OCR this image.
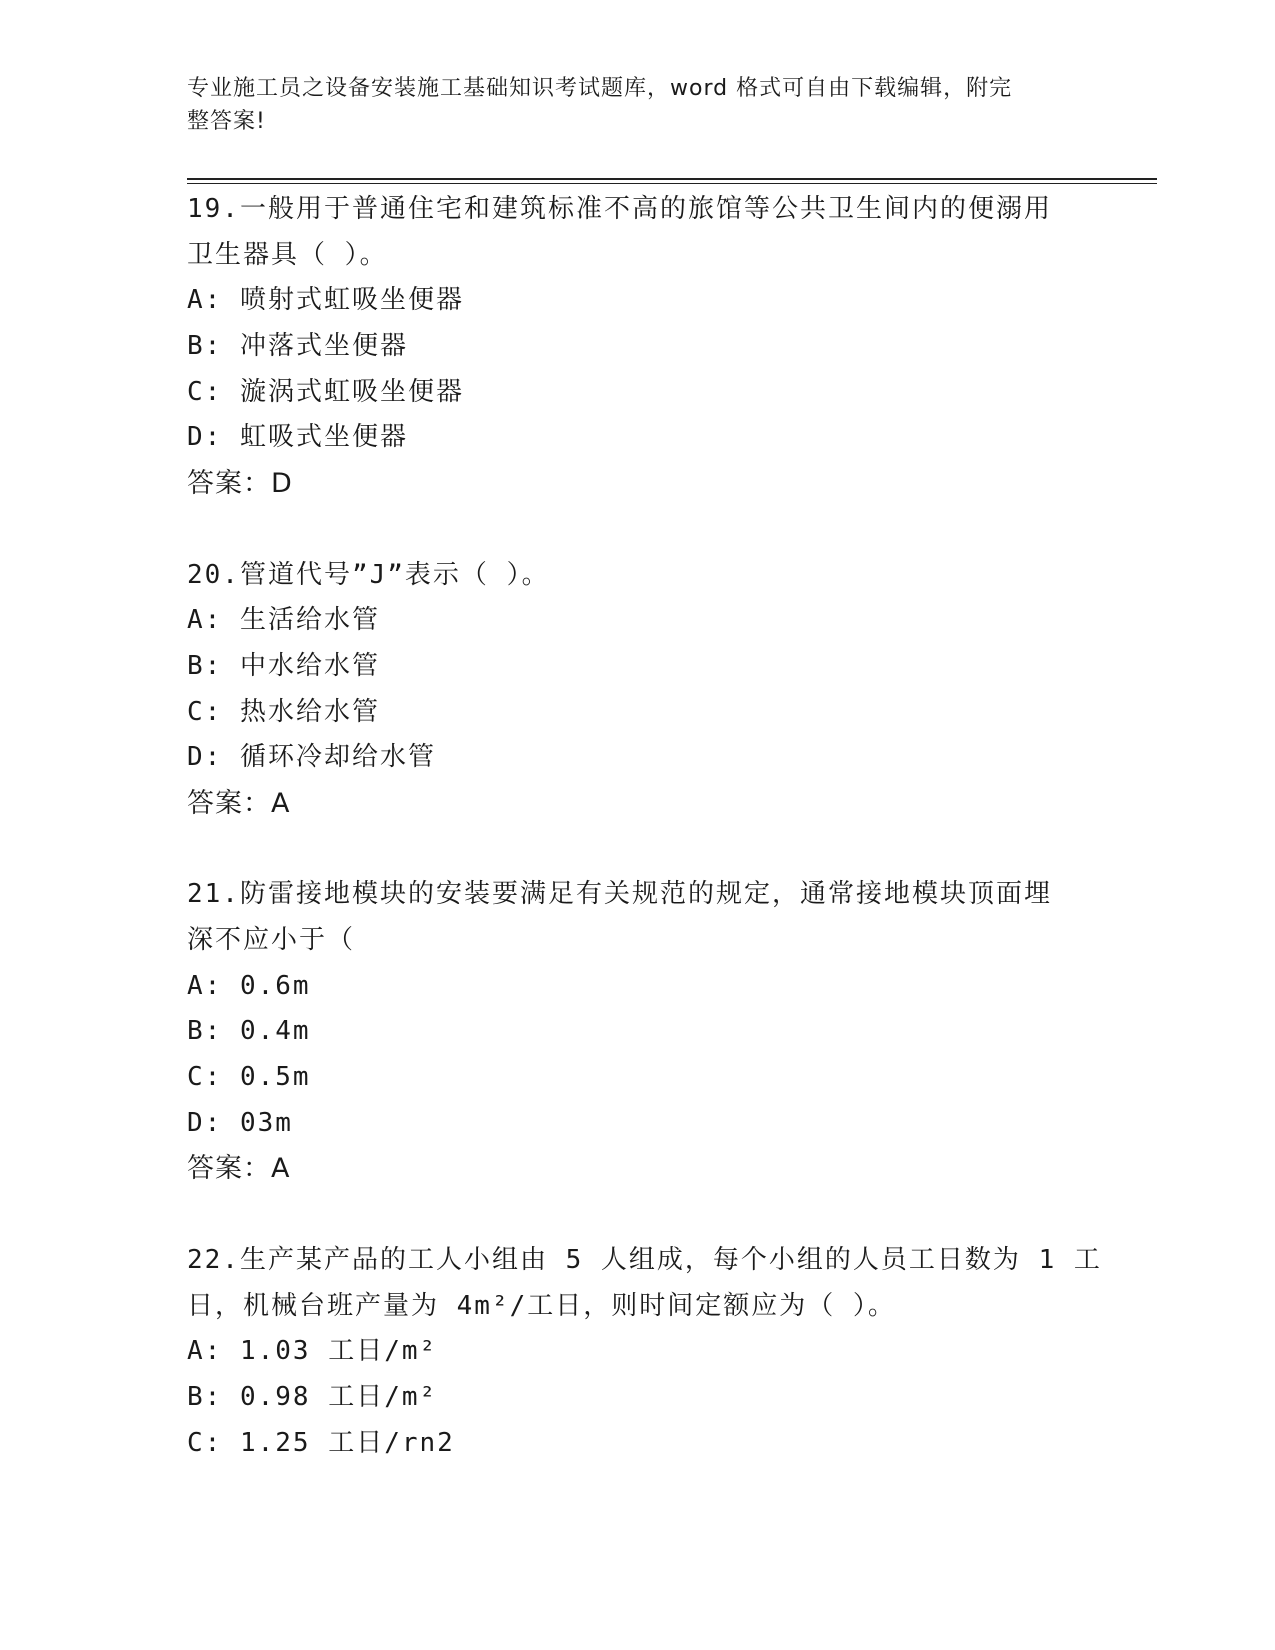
专业施工员之设备安装施工基础知识考试题库，word 格式可自由下载编辑，附完
整答案!
19.一般用于普通住宅和建筑标准不高的旅馆等公共卫生间内的便溺用
卫生器具（ ）。
A: 喷射式虹吸坐便器
B: 冲落式坐便器
C: 漩涡式虹吸坐便器
D: 虹吸式坐便器
答案：D
20.管道代号”J”表示（ ）。
A: 生活给水管
B: 中水给水管
C: 热水给水管
D: 循环冷却给水管
答案：A
21.防雷接地模块的安装要满足有关规范的规定，通常接地模块顶面埋
深不应小于（
A: 0.6m
B: 0.4m
C: 0.5m
D: 03m
答案：A
22.生产某产品的工人小组由 5 人组成，每个小组的人员工日数为 1 工
日，机械台班产量为 4m²/工日，则时间定额应为（ ）。
A: 1.03 工日/m²
B: 0.98 工日/m²
C: 1.25 工日/rn2
